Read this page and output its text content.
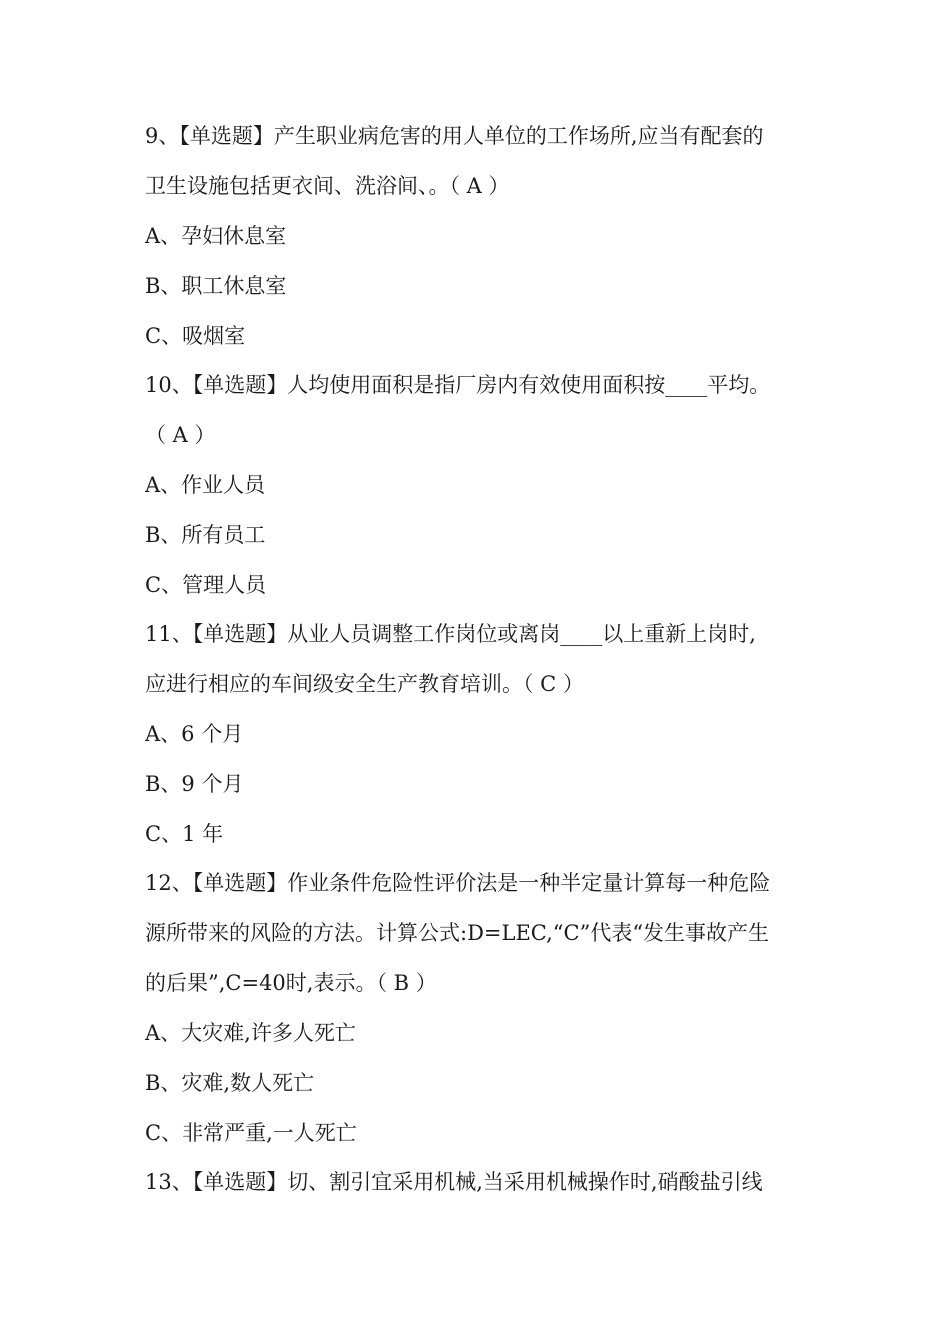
9、【单选题】产生职业病危害的用人单位的工作场所,应当有配套的
卫生设施包括更衣间、洗浴间、。（ A ）
A、孕妇休息室
B、职工休息室
C、吸烟室
10、【单选题】人均使用面积是指厂房内有效使用面积按____平均。
（ A ）
A、作业人员
B、所有员工
C、管理人员
11、【单选题】从业人员调整工作岗位或离岗____以上重新上岗时,
应进行相应的车间级安全生产教育培训。（ C ）
A、6 个月
B、9 个月
C、1 年
12、【单选题】作业条件危险性评价法是一种半定量计算每一种危险
源所带来的风险的方法。计算公式:D=LEC,“C”代表“发生事故产生
的后果”,C=40时,表示。（ B ）
A、大灾难,许多人死亡
B、灾难,数人死亡
C、非常严重,一人死亡
13、【单选题】切、割引宜采用机械,当采用机械操作时,硝酸盐引线
